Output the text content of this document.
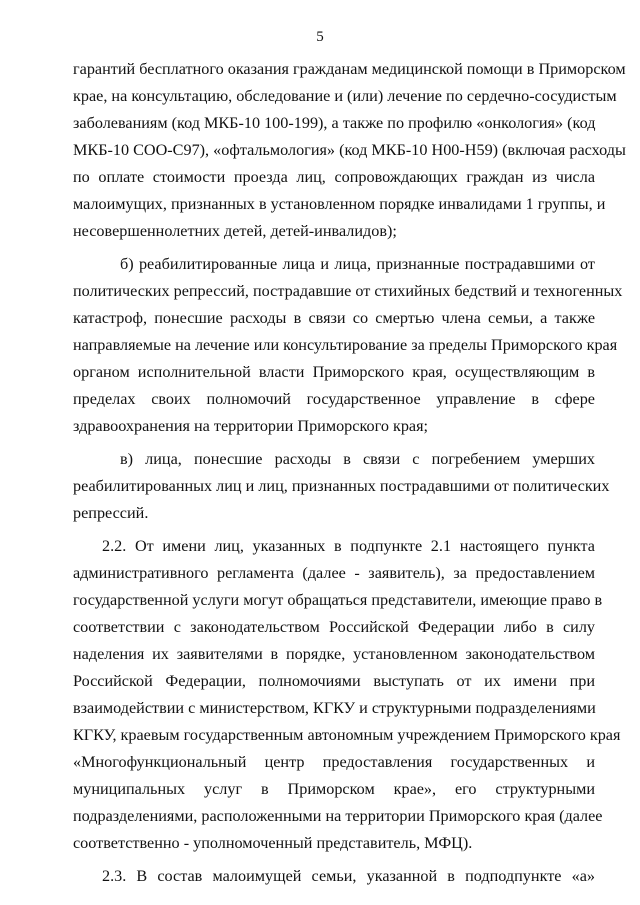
5
гарантий бесплатного оказания гражданам медицинской помощи в Приморском
крае, на консультацию, обследование и (или) лечение по сердечно-сосудистым
заболеваниям (код МКБ-10 100-199), а также по профилю «онкология» (код
МКБ-10 СОО-С97), «офтальмология» (код МКБ-10 Н00-Н59) (включая расходы
по оплате стоимости проезда лиц, сопровождающих граждан из числа
малоимущих, признанных в установленном порядке инвалидами 1 группы, и
несовершеннолетних детей, детей-инвалидов);
б) реабилитированные лица и лица, признанные пострадавшими от
политических репрессий, пострадавшие от стихийных бедствий и техногенных
катастроф, понесшие расходы в связи со смертью члена семьи, а также
направляемые на лечение или консультирование за пределы Приморского края
органом исполнительной власти Приморского края, осуществляющим в
пределах своих полномочий государственное управление в сфере
здравоохранения на территории Приморского края;
в) лица, понесшие расходы в связи с погребением умерших
реабилитированных лиц и лиц, признанных пострадавшими от политических
репрессий.
2.2. От имени лиц, указанных в подпункте 2.1 настоящего пункта
административного регламента (далее - заявитель), за предоставлением
государственной услуги могут обращаться представители, имеющие право в
соответствии с законодательством Российской Федерации либо в силу
наделения их заявителями в порядке, установленном законодательством
Российской Федерации, полномочиями выступать от их имени при
взаимодействии с министерством, КГКУ и структурными подразделениями
КГКУ, краевым государственным автономным учреждением Приморского края
«Многофункциональный центр предоставления государственных и
муниципальных услуг в Приморском крае», его структурными
подразделениями, расположенными на территории Приморского края (далее
соответственно - уполномоченный представитель, МФЦ).
2.3. В состав малоимущей семьи, указанной в подподпункте «а»
